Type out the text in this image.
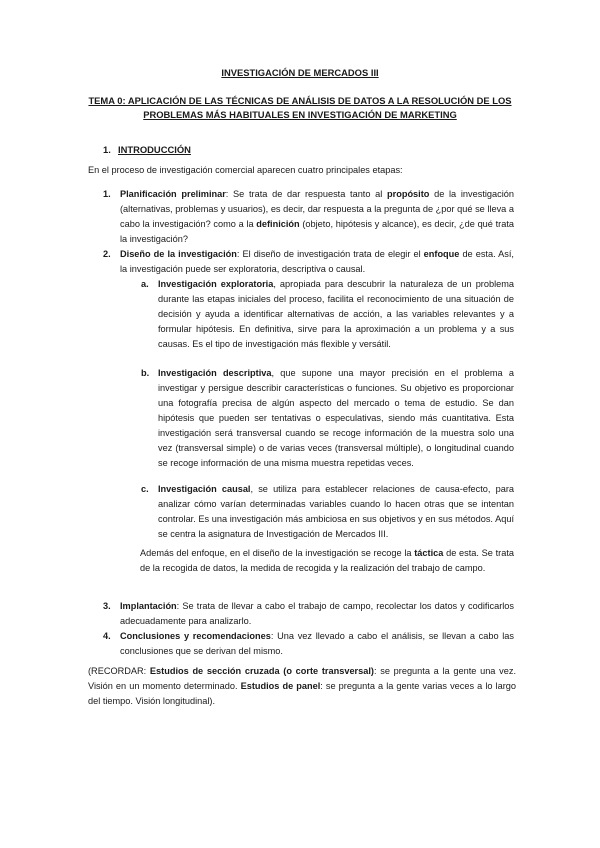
INVESTIGACIÓN DE MERCADOS III
TEMA 0: APLICACIÓN DE LAS TÉCNICAS DE ANÁLISIS DE DATOS A LA RESOLUCIÓN DE LOS PROBLEMAS MÁS HABITUALES EN INVESTIGACIÓN DE MARKETING
1. INTRODUCCIÓN

En el proceso de investigación comercial aparecen cuatro principales etapas:

1. Planificación preliminar: Se trata de dar respuesta tanto al propósito de la investigación (alternativas, problemas y usuarios), es decir, dar respuesta a la pregunta de ¿por qué se lleva a cabo la investigación? como a la definición (objeto, hipótesis y alcance), es decir, ¿de qué trata la investigación?

2. Diseño de la investigación: El diseño de investigación trata de elegir el enfoque de esta. Así, la investigación puede ser exploratoria, descriptiva o causal.

a. Investigación exploratoria, apropiada para descubrir la naturaleza de un problema durante las etapas iniciales del proceso, facilita el reconocimiento de una situación de decisión y ayuda a identificar alternativas de acción, a las variables relevantes y a formular hipótesis. En definitiva, sirve para la aproximación a un problema y a sus causas. Es el tipo de investigación más flexible y versátil.

b. Investigación descriptiva, que supone una mayor precisión en el problema a investigar y persigue describir características o funciones. Su objetivo es proporcionar una fotografía precisa de algún aspecto del mercado o tema de estudio. Se dan hipótesis que pueden ser tentativas o especulativas, siendo más cuantitativa. Esta investigación será transversal cuando se recoge información de la muestra solo una vez (transversal simple) o de varias veces (transversal múltiple), o longitudinal cuando se recoge información de una misma muestra repetidas veces.

c. Investigación causal, se utiliza para establecer relaciones de causa-efecto, para analizar cómo varían determinadas variables cuando lo hacen otras que se intentan controlar. Es una investigación más ambiciosa en sus objetivos y en sus métodos. Aquí se centra la asignatura de Investigación de Mercados III.

Además del enfoque, en el diseño de la investigación se recoge la táctica de esta. Se trata de la recogida de datos, la medida de recogida y la realización del trabajo de campo.

3. Implantación: Se trata de llevar a cabo el trabajo de campo, recolectar los datos y codificarlos adecuadamente para analizarlo.

4. Conclusiones y recomendaciones: Una vez llevado a cabo el análisis, se llevan a cabo las conclusiones que se derivan del mismo.

(RECORDAR: Estudios de sección cruzada (o corte transversal): se pregunta a la gente una vez. Visión en un momento determinado. Estudios de panel: se pregunta a la gente varias veces a lo largo del tiempo. Visión longitudinal).
